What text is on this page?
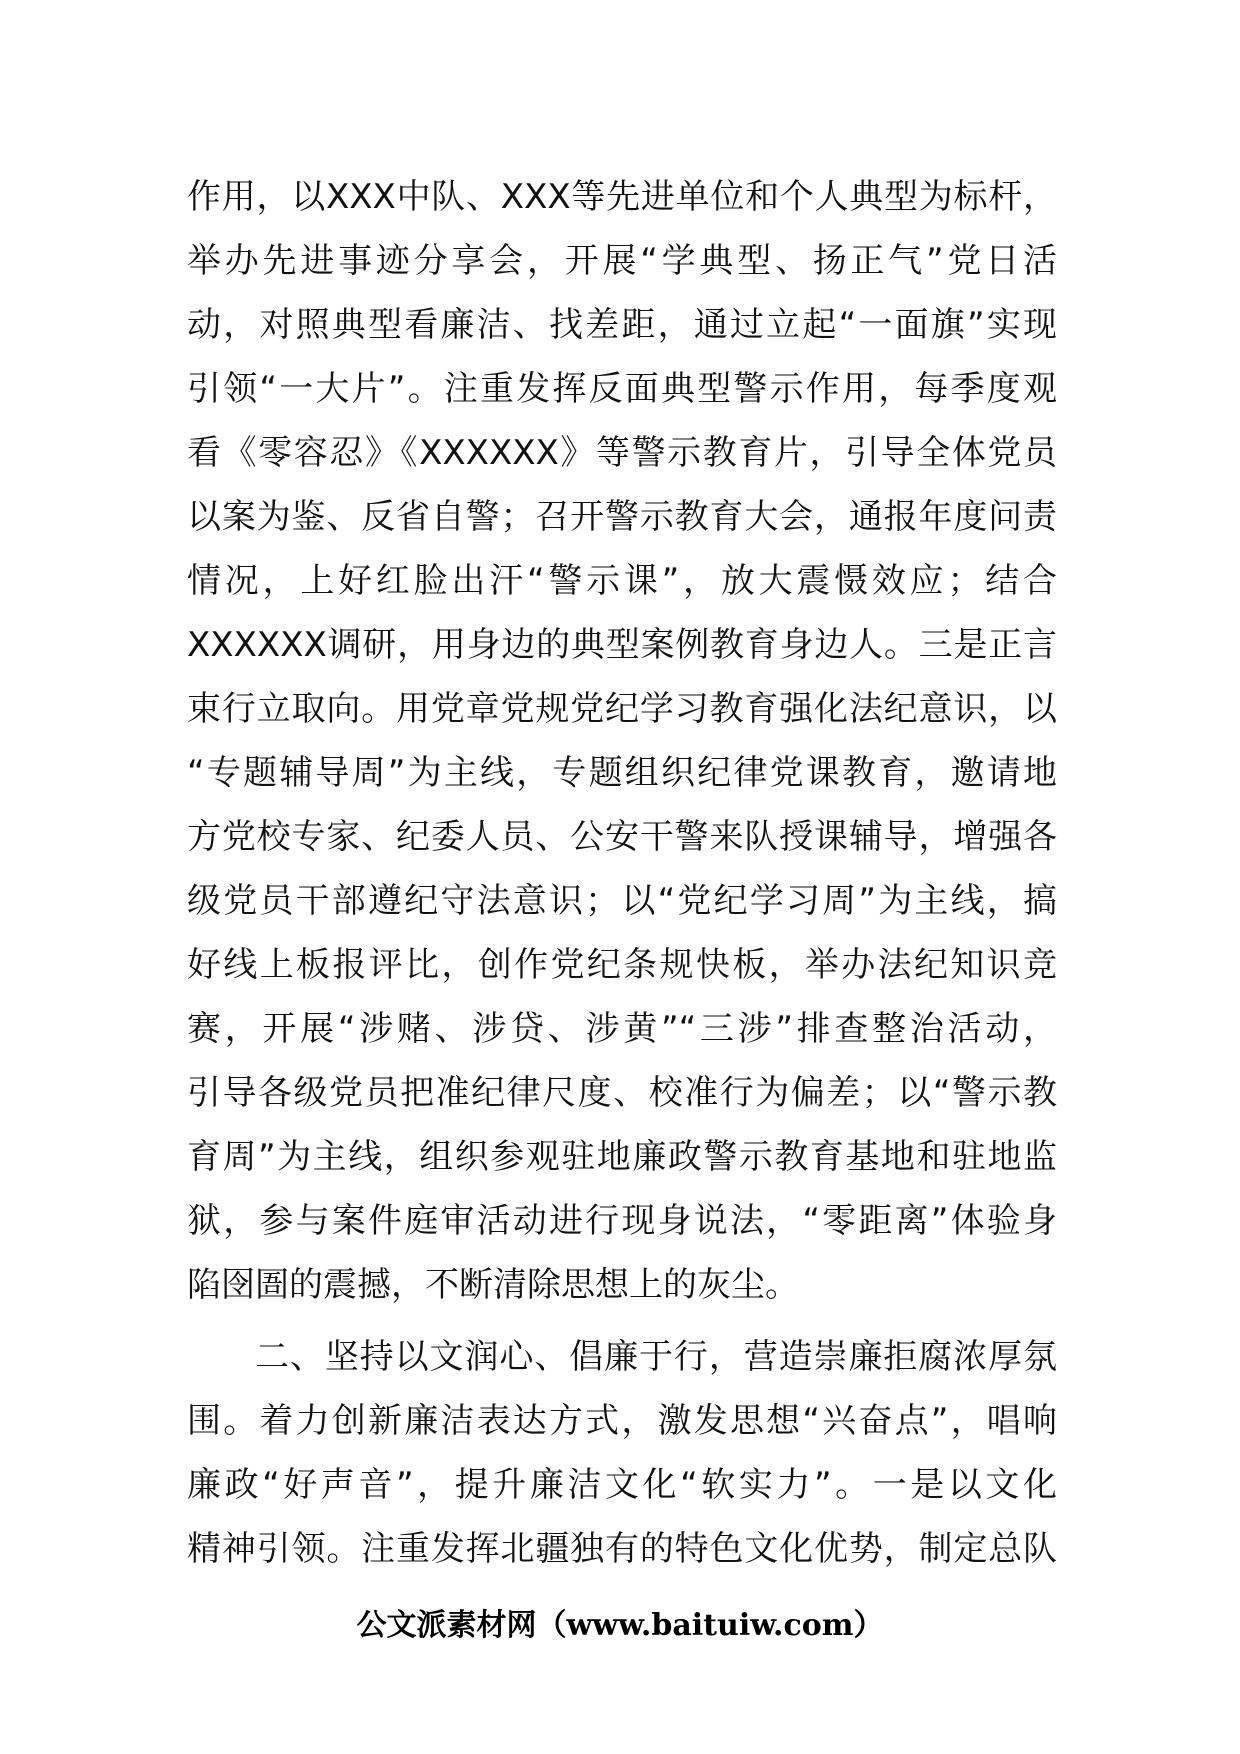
作用，以XXX中队、XXX等先进单位和个人典型为标杆，
举办先进事迹分享会，开展“学典型、扬正气”党日活
动，对照典型看廉洁、找差距，通过立起“一面旗”实现
引领“一大片”。注重发挥反面典型警示作用，每季度观
看《零容忍》《XXXXXX》等警示教育片，引导全体党员
以案为鉴、反省自警；召开警示教育大会，通报年度问责
情况，上好红脸出汗“警示课”，放大震慑效应；结合
XXXXXX调研，用身边的典型案例教育身边人。三是正言
束行立取向。用党章党规党纪学习教育强化法纪意识，以
“专题辅导周”为主线，专题组织纪律党课教育，邀请地
方党校专家、纪委人员、公安干警来队授课辅导，增强各
级党员干部遵纪守法意识；以“党纪学习周”为主线，搞
好线上板报评比，创作党纪条规快板，举办法纪知识竞
赛，开展“涉赌、涉贷、涉黄”“三涉”排查整治活动，
引导各级党员把准纪律尺度、校准行为偏差；以“警示教
育周”为主线，组织参观驻地廉政警示教育基地和驻地监
狱，参与案件庭审活动进行现身说法，“零距离”体验身
陷囹圄的震撼，不断清除思想上的灰尘。
二、坚持以文润心、倡廉于行，营造崇廉拒腐浓厚氛
围。着力创新廉洁表达方式，激发思想“兴奋点”，唱响
廉政“好声音”，提升廉洁文化“软实力”。一是以文化
精神引领。注重发挥北疆独有的特色文化优势，制定总队
公文派素材网（www.baituiw.com）
